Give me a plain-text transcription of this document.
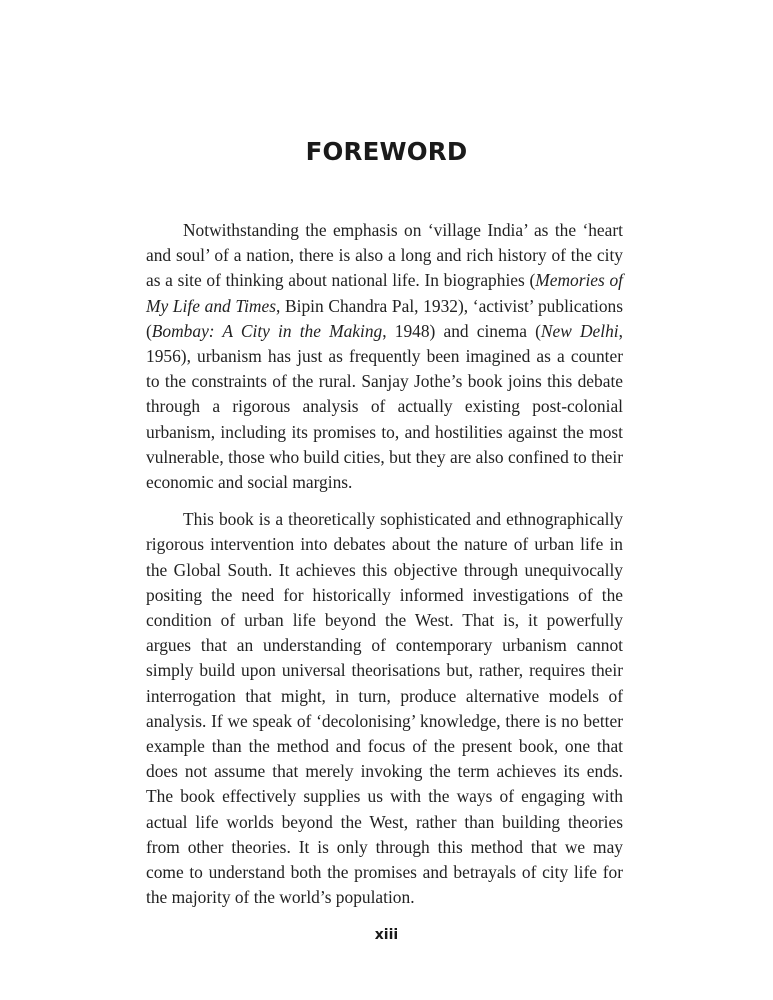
FOREWORD

Notwithstanding the emphasis on ‘village India’ as the ‘heart and soul’ of a nation, there is also a long and rich history of the city as a site of thinking about national life. In biographies (Memories of My Life and Times, Bipin Chandra Pal, 1932), ‘activist’ publications (Bombay: A City in the Making, 1948) and cinema (New Delhi, 1956), urbanism has just as frequently been imagined as a counter to the constraints of the rural. Sanjay Jothe’s book joins this debate through a rigorous analysis of actually existing post-colonial urbanism, including its promises to, and hostilities against the most vulnerable, those who build cities, but they are also confined to their economic and social margins.

This book is a theoretically sophisticated and ethnographically rigorous intervention into debates about the nature of urban life in the Global South. It achieves this objective through unequivocally positing the need for historically informed investigations of the condition of urban life beyond the West. That is, it powerfully argues that an understanding of contemporary urbanism cannot simply build upon universal theorisations but, rather, requires their interrogation that might, in turn, produce alternative models of analysis. If we speak of ‘decolonising’ knowledge, there is no better example than the method and focus of the present book, one that does not assume that merely invoking the term achieves its ends. The book effectively supplies us with the ways of engaging with actual life worlds beyond the West, rather than building theories from other theories. It is only through this method that we may come to understand both the promises and betrayals of city life for the majority of the world’s population.

xiii
